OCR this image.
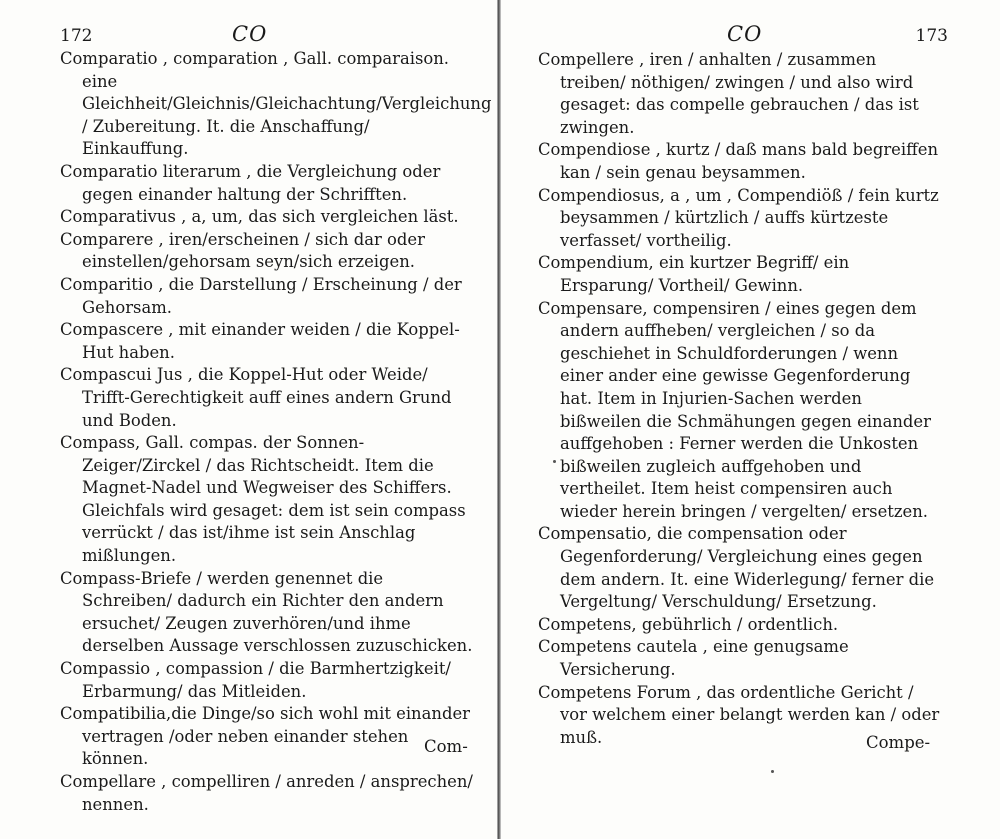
172	CO

Comparatio , comparation , Gall. comparaison. eine Gleichheit/Gleichnis/Gleichachtung/Vergleichung / Zubereitung. It. die Anschaffung/ Einkauffung.

Comparatio literarum , die Vergleichung oder gegen einander haltung der Schrifften.

Comparativus , a, um, das sich vergleichen läst.

Comparere , iren/erscheinen / sich dar oder einstellen/gehorsam seyn/sich erzeigen.

Comparitio , die Darstellung / Erscheinung / der Gehorsam.

Compascere , mit einander weiden / die Koppel-Hut haben.

Compascui Jus , die Koppel-Hut oder Weide/ Trifft-Gerechtigkeit auff eines andern Grund und Boden.

Compass, Gall. compas. der Sonnen-Zeiger/Zirckel / das Richtscheidt. Item die Magnet-Nadel und Wegweiser des Schiffers. Gleichfals wird gesaget: dem ist sein compass verrückt / das ist/ihme ist sein Anschlag mißlungen.

Compass-Briefe / werden genennet die Schreiben/ dadurch ein Richter den andern ersuchet/ Zeugen zuverhören/und ihme derselben Aussage verschlossen zuzuschicken.

Compassio , compassion / die Barmhertzigkeit/ Erbarmung/ das Mitleiden.

Compatibilia,die Dinge/so sich wohl mit einander vertragen /oder neben einander stehen können.

Compellare , compelliren / anreden / ansprechen/ nennen.

Com-
CO	173

Compellere , iren / anhalten / zusammen treiben/ nöthigen/ zwingen / und also wird gesaget: das compelle gebrauchen / das ist zwingen.

Compendiose , kurtz / daß mans bald begreiffen kan / sein genau beysammen.

Compendiosus, a , um , Compendiöß / fein kurtz beysammen / kürtzlich / auffs kürtzeste verfasset/ vortheilig.

Compendium, ein kurtzer Begriff/ ein Ersparung/ Vortheil/ Gewinn.

Compensare, compensiren / eines gegen dem andern auffheben/ vergleichen / so da geschiehet in Schuldforderungen / wenn einer ander eine gewisse Gegenforderung hat. Item in Injurien-Sachen werden bißweilen die Schmähungen gegen einander auffgehoben : Ferner werden die Unkosten bißweilen zugleich auffgehoben und vertheilet. Item heist compensiren auch wieder herein bringen / vergelten/ ersetzen.

Compensatio, die compensation oder Gegenforderung/ Vergleichung eines gegen dem andern. It. eine Widerlegung/ ferner die Vergeltung/ Verschuldung/ Ersetzung.

Competens, gebührlich / ordentlich.

Competens cautela , eine genugsame Versicherung.

Competens Forum , das ordentliche Gericht / vor welchem einer belangt werden kan / oder muß.	Compe-
